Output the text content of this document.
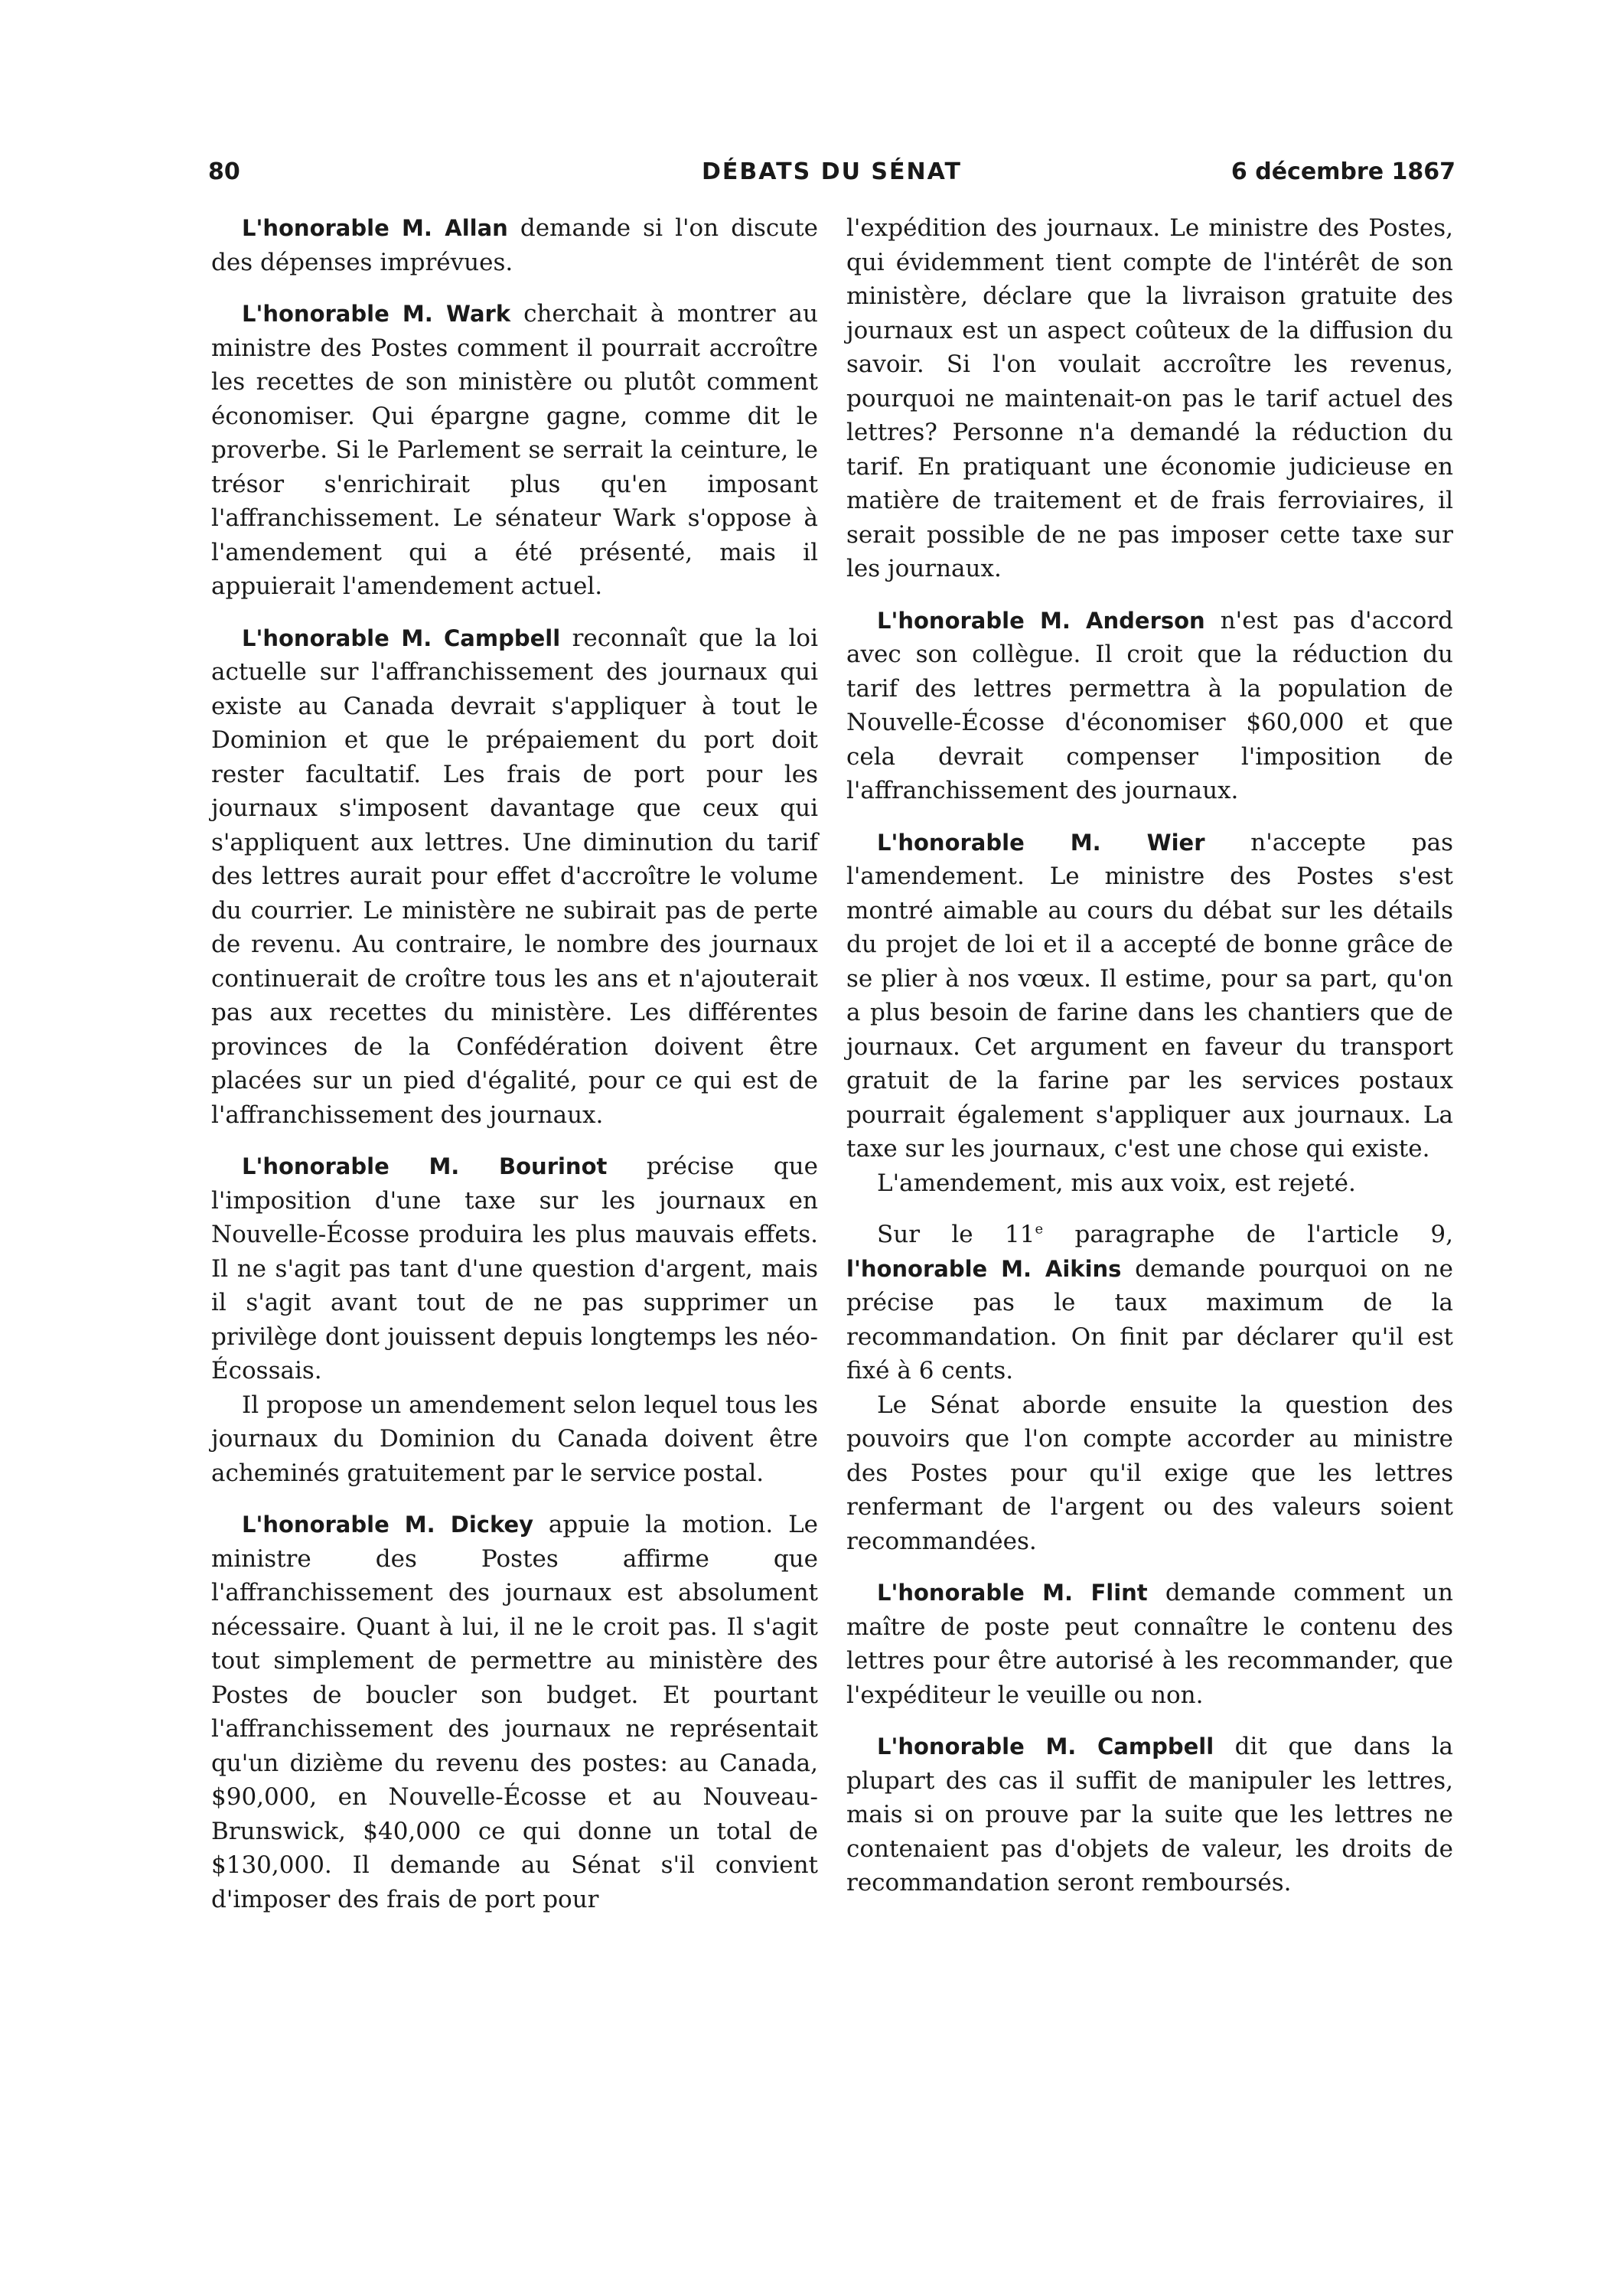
80	DÉBATS DU SÉNAT	6 décembre 1867

L'honorable M. Allan demande si l'on discute des dépenses imprévues.

L'honorable M. Wark cherchait à montrer au ministre des Postes comment il pourrait accroître les recettes de son ministère ou plutôt comment économiser. Qui épargne gagne, comme dit le proverbe. Si le Parlement se serrait la ceinture, le trésor s'enrichirait plus qu'en imposant l'affranchissement. Le sénateur Wark s'oppose à l'amendement qui a été présenté, mais il appuierait l'amendement actuel.

L'honorable M. Campbell reconnaît que la loi actuelle sur l'affranchissement des journaux qui existe au Canada devrait s'appliquer à tout le Dominion et que le prépaiement du port doit rester facultatif. Les frais de port pour les journaux s'imposent davantage que ceux qui s'appliquent aux lettres. Une diminution du tarif des lettres aurait pour effet d'accroître le volume du courrier. Le ministère ne subirait pas de perte de revenu. Au contraire, le nombre des journaux continuerait de croître tous les ans et n'ajouterait pas aux recettes du ministère. Les différentes provinces de la Confédération doivent être placées sur un pied d'égalité, pour ce qui est de l'affranchissement des journaux.

L'honorable M. Bourinot précise que l'imposition d'une taxe sur les journaux en Nouvelle-Écosse produira les plus mauvais effets. Il ne s'agit pas tant d'une question d'argent, mais il s'agit avant tout de ne pas supprimer un privilège dont jouissent depuis longtemps les néo-Écossais.

Il propose un amendement selon lequel tous les journaux du Dominion du Canada doivent être acheminés gratuitement par le service postal.

L'honorable M. Dickey appuie la motion. Le ministre des Postes affirme que l'affranchissement des journaux est absolument nécessaire. Quant à lui, il ne le croit pas. Il s'agit tout simplement de permettre au ministère des Postes de boucler son budget. Et pourtant l'affranchissement des journaux ne représentait qu'un dizième du revenu des postes: au Canada, $90,000, en Nouvelle-Écosse et au Nouveau-Brunswick, $40,000 ce qui donne un total de $130,000. Il demande au Sénat s'il convient d'imposer des frais de port pour

l'expédition des journaux. Le ministre des Postes, qui évidemment tient compte de l'intérêt de son ministère, déclare que la livraison gratuite des journaux est un aspect coûteux de la diffusion du savoir. Si l'on voulait accroître les revenus, pourquoi ne maintenait-on pas le tarif actuel des lettres? Personne n'a demandé la réduction du tarif. En pratiquant une économie judicieuse en matière de traitement et de frais ferroviaires, il serait possible de ne pas imposer cette taxe sur les journaux.

L'honorable M. Anderson n'est pas d'accord avec son collègue. Il croit que la réduction du tarif des lettres permettra à la population de Nouvelle-Écosse d'économiser $60,000 et que cela devrait compenser l'imposition de l'affranchissement des journaux.

L'honorable M. Wier n'accepte pas l'amendement. Le ministre des Postes s'est montré aimable au cours du débat sur les détails du projet de loi et il a accepté de bonne grâce de se plier à nos vœux. Il estime, pour sa part, qu'on a plus besoin de farine dans les chantiers que de journaux. Cet argument en faveur du transport gratuit de la farine par les services postaux pourrait également s'appliquer aux journaux. La taxe sur les journaux, c'est une chose qui existe.

L'amendement, mis aux voix, est rejeté.

Sur le 11e paragraphe de l'article 9, l'honorable M. Aikins demande pourquoi on ne précise pas le taux maximum de la recommandation. On finit par déclarer qu'il est fixé à 6 cents.

Le Sénat aborde ensuite la question des pouvoirs que l'on compte accorder au ministre des Postes pour qu'il exige que les lettres renfermant de l'argent ou des valeurs soient recommandées.

L'honorable M. Flint demande comment un maître de poste peut connaître le contenu des lettres pour être autorisé à les recommander, que l'expéditeur le veuille ou non.

L'honorable M. Campbell dit que dans la plupart des cas il suffit de manipuler les lettres, mais si on prouve par la suite que les lettres ne contenaient pas d'objets de valeur, les droits de recommandation seront remboursés.
